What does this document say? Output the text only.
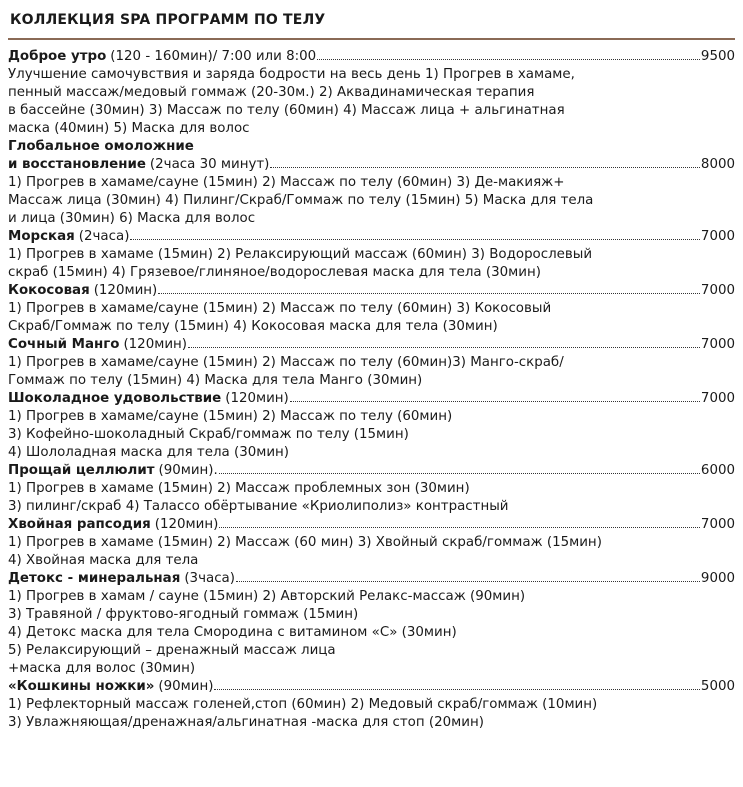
КОЛЛЕКЦИЯ SPA ПРОГРАММ ПО ТЕЛУ
Доброе утро (120 - 160мин)/ 7:00 или 8:00	9500
Улучшение самочувствия и заряда бодрости на весь день 1) Прогрев в хамаме,
пенный массаж/медовый гоммаж (20-30м.) 2) Аквадинамическая терапия
в бассейне (30мин) 3) Массаж по телу (60мин) 4) Массаж лица + альгинатная
маска (40мин) 5) Маска для волос
Глобальное омоложние
и восстановление (2часа 30 минут)	8000
1) Прогрев в хамаме/сауне (15мин) 2) Массаж по телу (60мин) 3) Де-макияж+
Массаж лица (30мин) 4) Пилинг/Скраб/Гоммаж по телу (15мин) 5) Маска для тела
и лица (30мин) 6) Маска для волос
Морская (2часа)	7000
1) Прогрев в хамаме (15мин) 2) Релаксирующий массаж (60мин) 3) Водорослевый
скраб (15мин) 4) Грязевое/глиняное/водорослевая маска для тела (30мин)
Кокосовая (120мин)	7000
1) Прогрев в хамаме/сауне (15мин) 2) Массаж по телу (60мин) 3) Кокосовый
Скраб/Гоммаж по телу (15мин) 4) Кокосовая маска для тела (30мин)
Сочный Манго (120мин)	7000
1) Прогрев в хамаме/сауне (15мин) 2) Массаж по телу (60мин)3) Манго-скраб/
Гоммаж по телу (15мин) 4) Маска для тела Манго (30мин)
Шоколадное удовольствие (120мин)	7000
1) Прогрев в хамаме/сауне (15мин) 2) Массаж по телу (60мин)
3) Кофейно-шоколадный Скраб/гоммаж по телу (15мин)
4) Шололадная маска для тела (30мин)
Прощай целлюлит (90мин).	6000
1) Прогрев в хамаме (15мин) 2) Массаж проблемных зон (30мин)
3) пилинг/скраб 4) Талассо обёртывание «Криолиполиз» контрастный
Хвойная рапсодия (120мин)	7000
1) Прогрев в хамаме (15мин) 2) Массаж (60 мин) 3) Хвойный скраб/гоммаж (15мин)
4) Хвойная маска для тела
Детокс - минеральная (3часа)	9000
1) Прогрев в хамам / сауне (15мин) 2) Авторский Релакс-массаж (90мин)
3) Травяной / фруктово-ягодный гоммаж (15мин)
4) Детокс маска для тела Смородина с витамином «С» (30мин)
5) Релаксирующий – дренажный массаж лица
+маска для волос (30мин)
«Кошкины ножки» (90мин)	5000
1) Рефлекторный массаж голеней,стоп (60мин) 2) Медовый скраб/гоммаж (10мин)
3) Увлажняющая/дренажная/альгинатная -маска для стоп (20мин)
